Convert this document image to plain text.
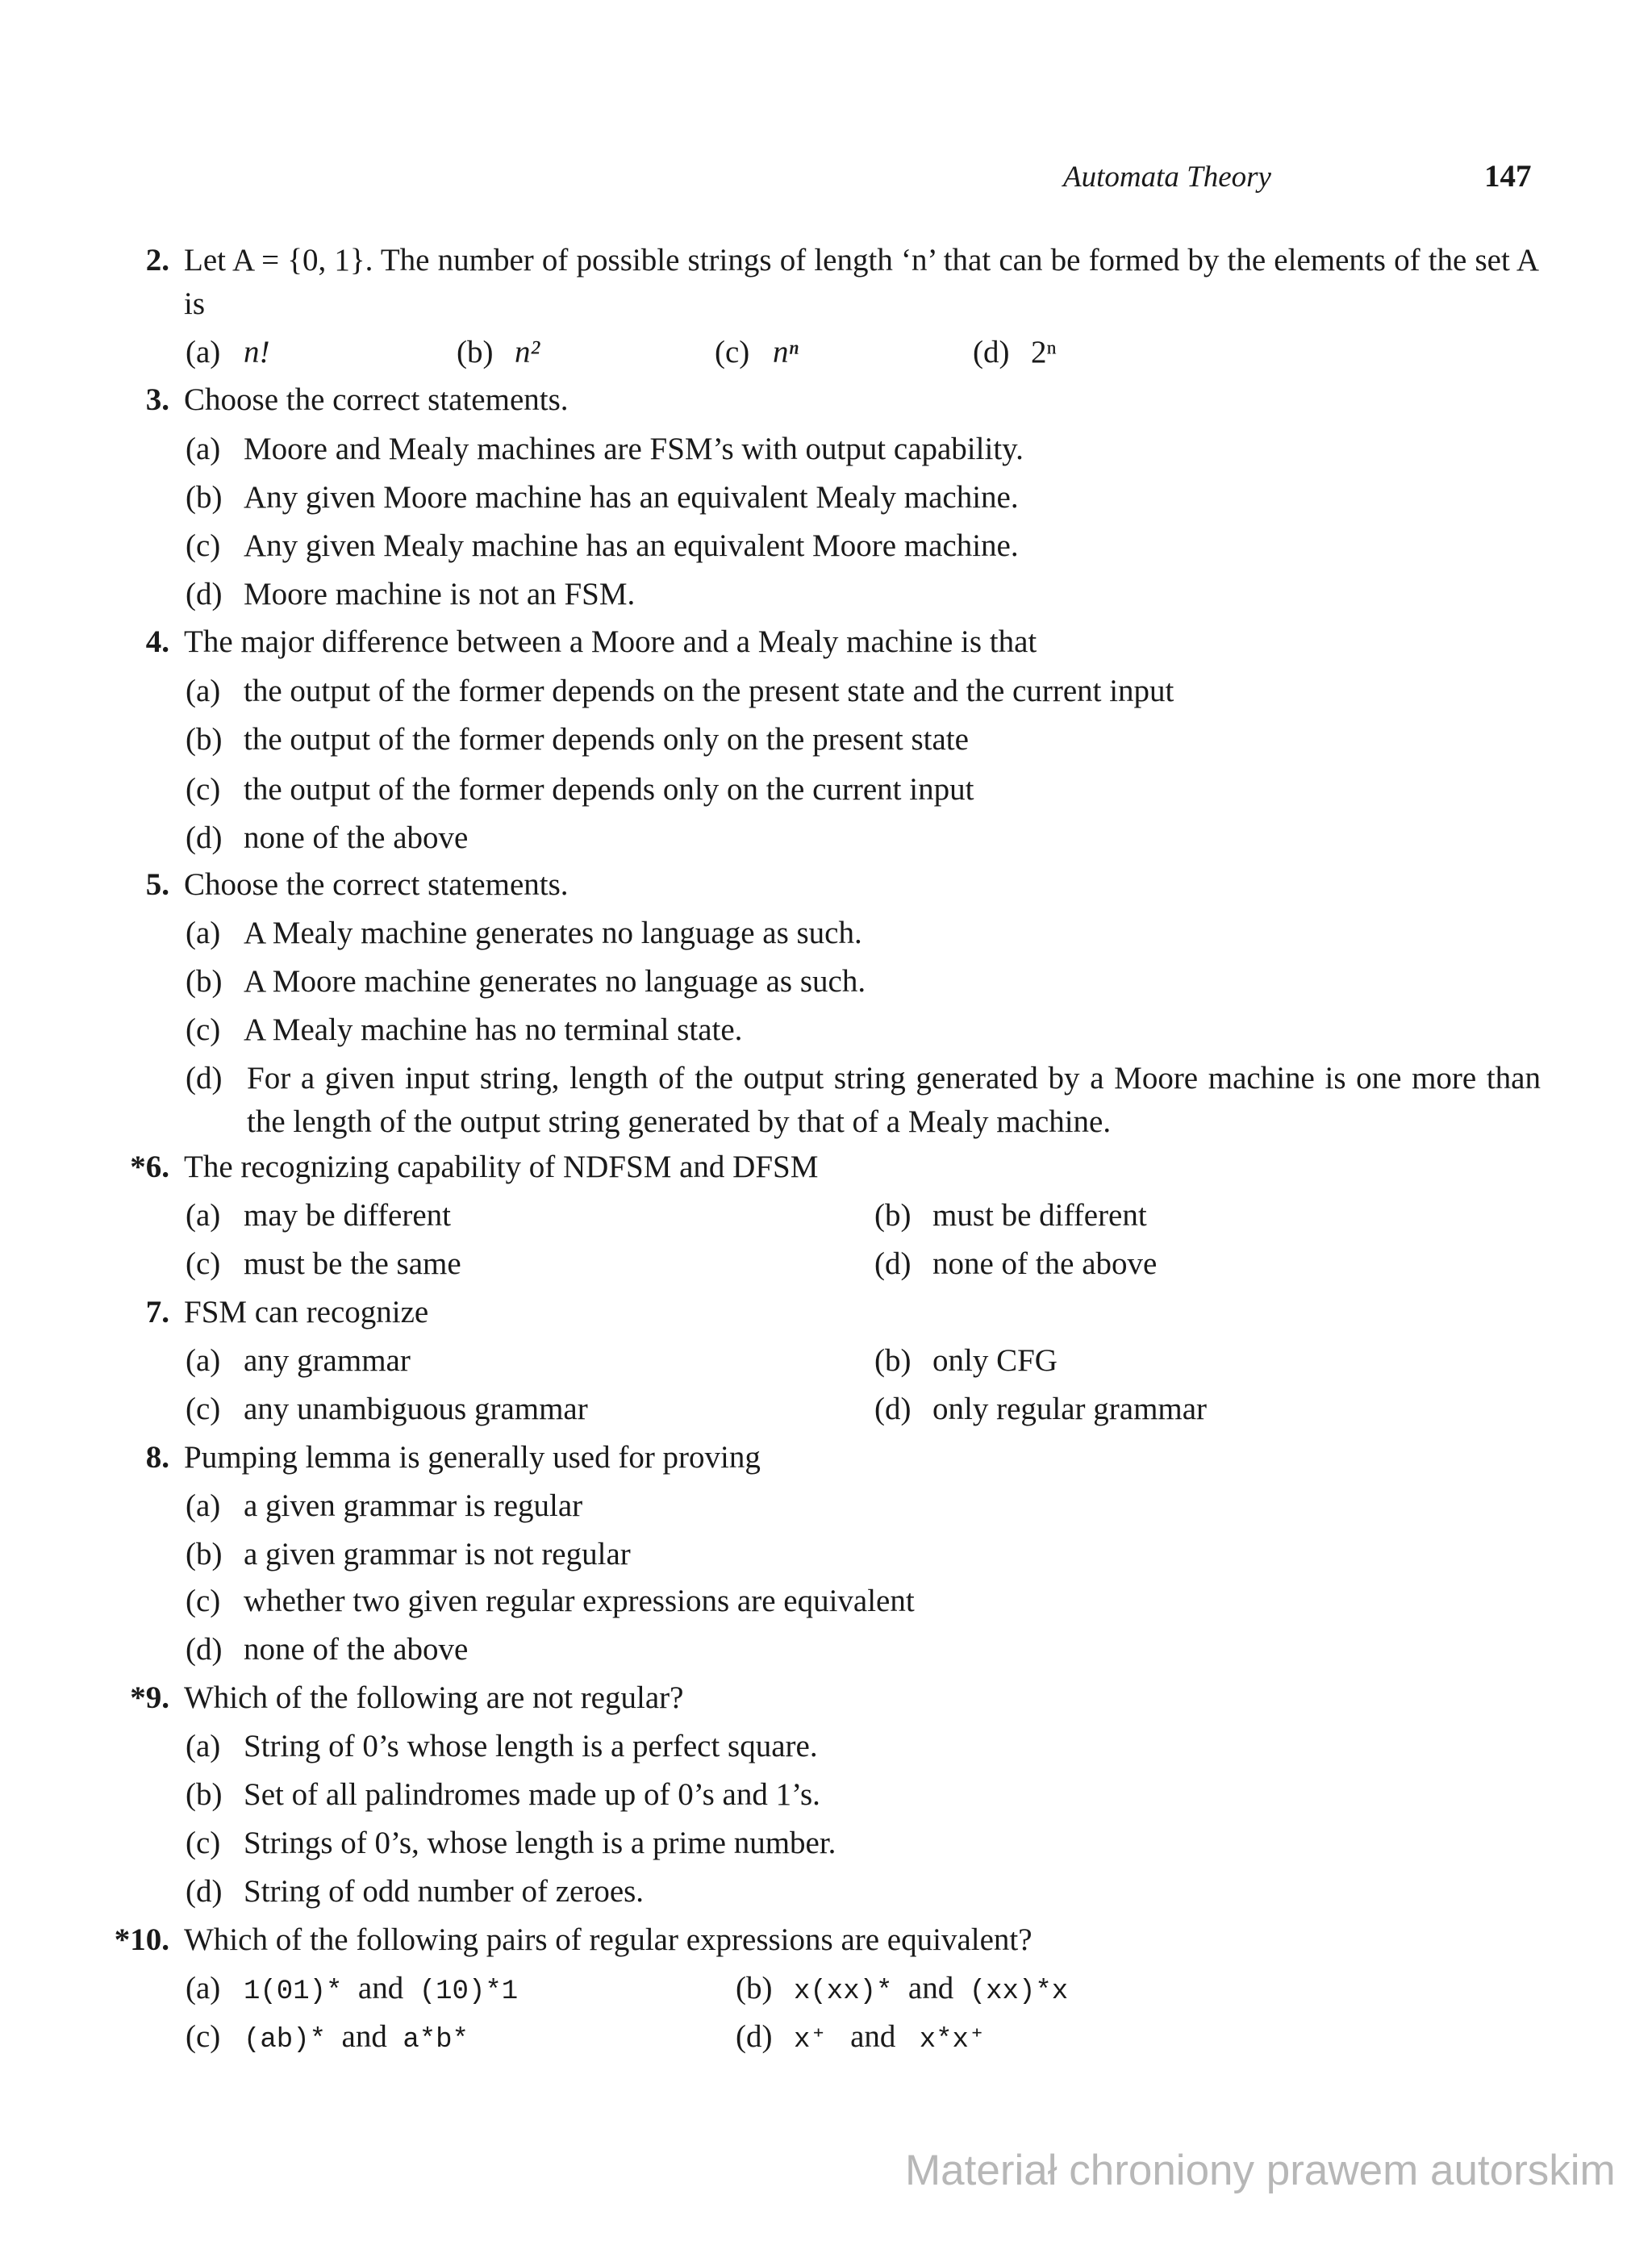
Automata Theory	147
2. Let A = {0, 1}. The number of possible strings of length ‘n’ that can be formed by the elements of the set A is
(a) n!	(b) n²	(c) nⁿ	(d) 2ⁿ
3. Choose the correct statements.
(a) Moore and Mealy machines are FSM’s with output capability.
(b) Any given Moore machine has an equivalent Mealy machine.
(c) Any given Mealy machine has an equivalent Moore machine.
(d) Moore machine is not an FSM.
4. The major difference between a Moore and a Mealy machine is that
(a) the output of the former depends on the present state and the current input
(b) the output of the former depends only on the present state
(c) the output of the former depends only on the current input
(d) none of the above
5. Choose the correct statements.
(a) A Mealy machine generates no language as such.
(b) A Moore machine generates no language as such.
(c) A Mealy machine has no terminal state.
(d) For a given input string, length of the output string generated by a Moore machine is one more than the length of the output string generated by that of a Mealy machine.
*6. The recognizing capability of NDFSM and DFSM
(a) may be different	(b) must be different
(c) must be the same	(d) none of the above
7. FSM can recognize
(a) any grammar	(b) only CFG
(c) any unambiguous grammar	(d) only regular grammar
8. Pumping lemma is generally used for proving
(a) a given grammar is regular
(b) a given grammar is not regular
(c) whether two given regular expressions are equivalent
(d) none of the above
*9. Which of the following are not regular?
(a) String of 0’s whose length is a perfect square.
(b) Set of all palindromes made up of 0’s and 1’s.
(c) Strings of 0’s, whose length is a prime number.
(d) String of odd number of zeroes.
*10. Which of the following pairs of regular expressions are equivalent?
(a) 1(01)* and (10)*1	(b) x(xx)* and (xx)*x
(c) (ab)* and a*b*	(d) x⁺ and x*x⁺
Materiał chroniony prawem autorskim
